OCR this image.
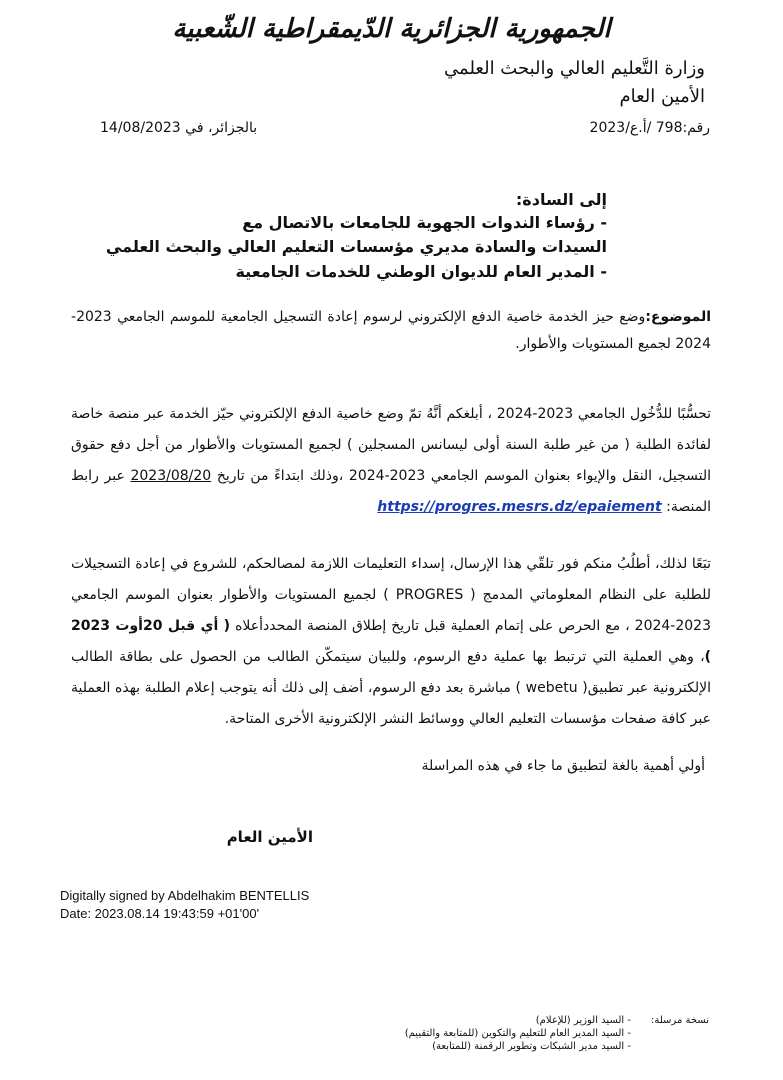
الجمهورية الجزائرية الدّيمقراطية الشّعبية
وزارة التَّعليم العالي والبحث العلمي
الأمين العام
رقم:798 /أ.ع/2023
بالجزائر، في 14/08/2023
إلى السادة:
- رؤساء الندوات الجهوية للجامعات بالاتصال مع
السيدات والسادة مديري مؤسسات التعليم العالي والبحث العلمي
- المدير العام للديوان الوطني للخدمات الجامعية
الموضوع:وضع حيز الخدمة خاصية الدفع الإلكتروني لرسوم إعادة التسجيل الجامعية للموسم الجامعي 2023-2024 لجميع المستويات والأطوار.
تحسُّبًا للدُّخُول الجامعي 2023-2024 ، أبلغكم أنَّهُ تمّ وضع خاصية الدفع الإلكتروني حيّز الخدمة عبر منصة خاصة لفائدة الطلبة ( من غير طلبة السنة أولى ليسانس المسجلين ) لجميع المستويات والأطوار من أجل دفع حقوق التسجيل، النقل والإيواء بعنوان الموسم الجامعي 2023-2024 ،وذلك ابتداءً من تاريخ 2023/08/20 عبر رابط المنصة: https://progres.mesrs.dz/epaiement
تبَعًا لذلك، أطلُبُ منكم فور تلقّي هذا الإرسال، إسداء التعليمات اللازمة لمصالحكم، للشروع في إعادة التسجيلات للطلبة على النظام المعلوماتي المدمج ( PROGRES ) لجميع المستويات والأطوار بعنوان الموسم الجامعي 2023-2024 ، مع الحرص على إتمام العملية قبل تاريخ إطلاق المنصة المحددأعلاه ( أي قبل 20أوت 2023 )، وهي العملية التي ترتبط بها عملية دفع الرسوم، وللبيان سيتمكّن الطالب من الحصول على بطاقة الطالب الإلكترونية عبر تطبيق( webetu ) مباشرة بعد دفع الرسوم، أضف إلى ذلك أنه يتوجب إعلام الطلبة بهذه العملية عبر كافة صفحات مؤسسات التعليم العالي ووسائط النشر الإلكترونية الأخرى المتاحة.
أولي أهمية بالغة لتطبيق ما جاء في هذه المراسلة
الأمين العام
Digitally signed by Abdelhakim BENTELLIS
Date: 2023.08.14 19:43:59 +01'00'
نسخة مرسلة:
- السيد الوزير (للإعلام)
- السيد المدير العام للتعليم والتكوين (للمتابعة والتقييم)
- السيد مدير الشبكات وتطوير الرقمنة (للمتابعة)
